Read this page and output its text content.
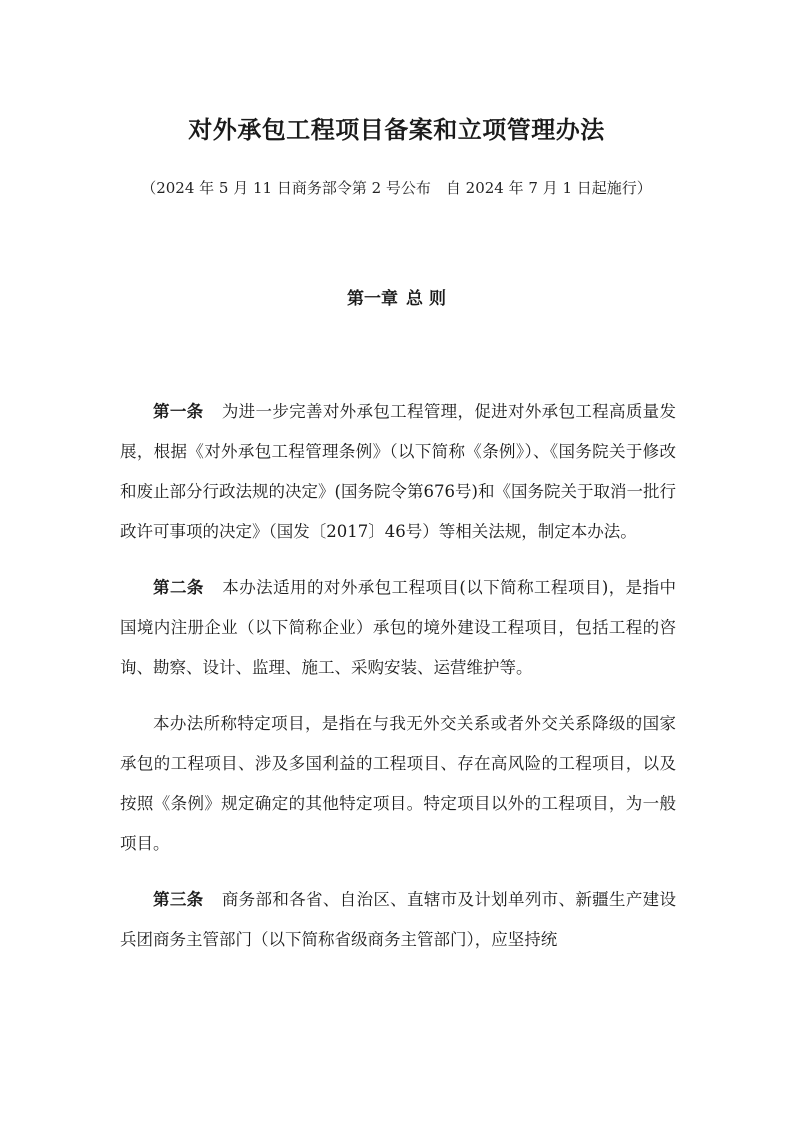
对外承包工程项目备案和立项管理办法
（2024 年 5 月 11 日商务部令第 2 号公布　自 2024 年 7 月 1 日起施行）
第一章 总 则

第一条 为进一步完善对外承包工程管理，促进对外承包工程高质量发展，根据《对外承包工程管理条例》（以下简称《条例》）、《国务院关于修改和废止部分行政法规的决定》(国务院令第676号)和《国务院关于取消一批行政许可事项的决定》（国发〔2017〕46号）等相关法规，制定本办法。

第二条 本办法适用的对外承包工程项目(以下简称工程项目)，是指中国境内注册企业（以下简称企业）承包的境外建设工程项目，包括工程的咨询、勘察、设计、监理、施工、采购安装、运营维护等。

本办法所称特定项目，是指在与我无外交关系或者外交关系降级的国家承包的工程项目、涉及多国利益的工程项目、存在高风险的工程项目，以及按照《条例》规定确定的其他特定项目。特定项目以外的工程项目，为一般项目。

第三条 商务部和各省、自治区、直辖市及计划单列市、新疆生产建设兵团商务主管部门（以下简称省级商务主管部门），应坚持统
